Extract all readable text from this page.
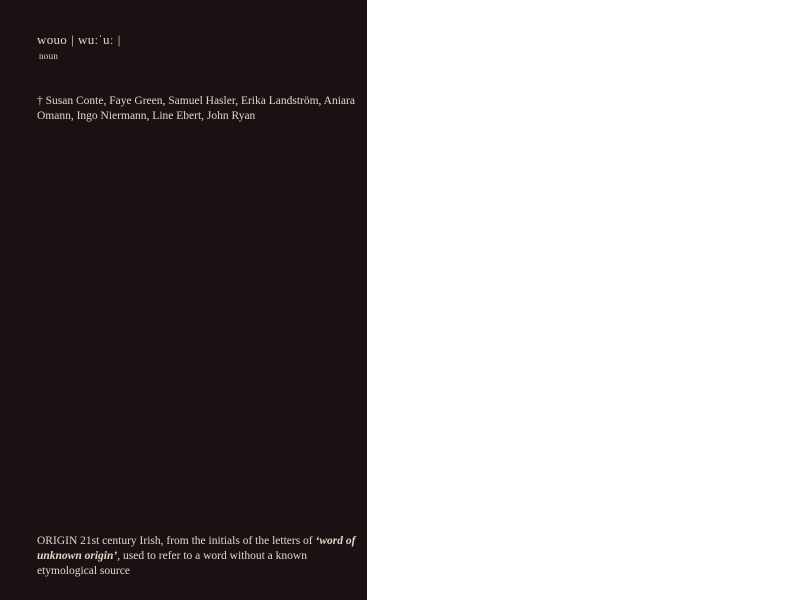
wouo | wuːˈuː |
noun
† Susan Conte, Faye Green, Samuel Hasler, Erika Landström, Aniara Omann, Ingo Niermann, Line Ebert, John Ryan
ORIGIN 21st century Irish, from the initials of the letters of ‘word of unknown origin’, used to refer to a word without a known etymological source
